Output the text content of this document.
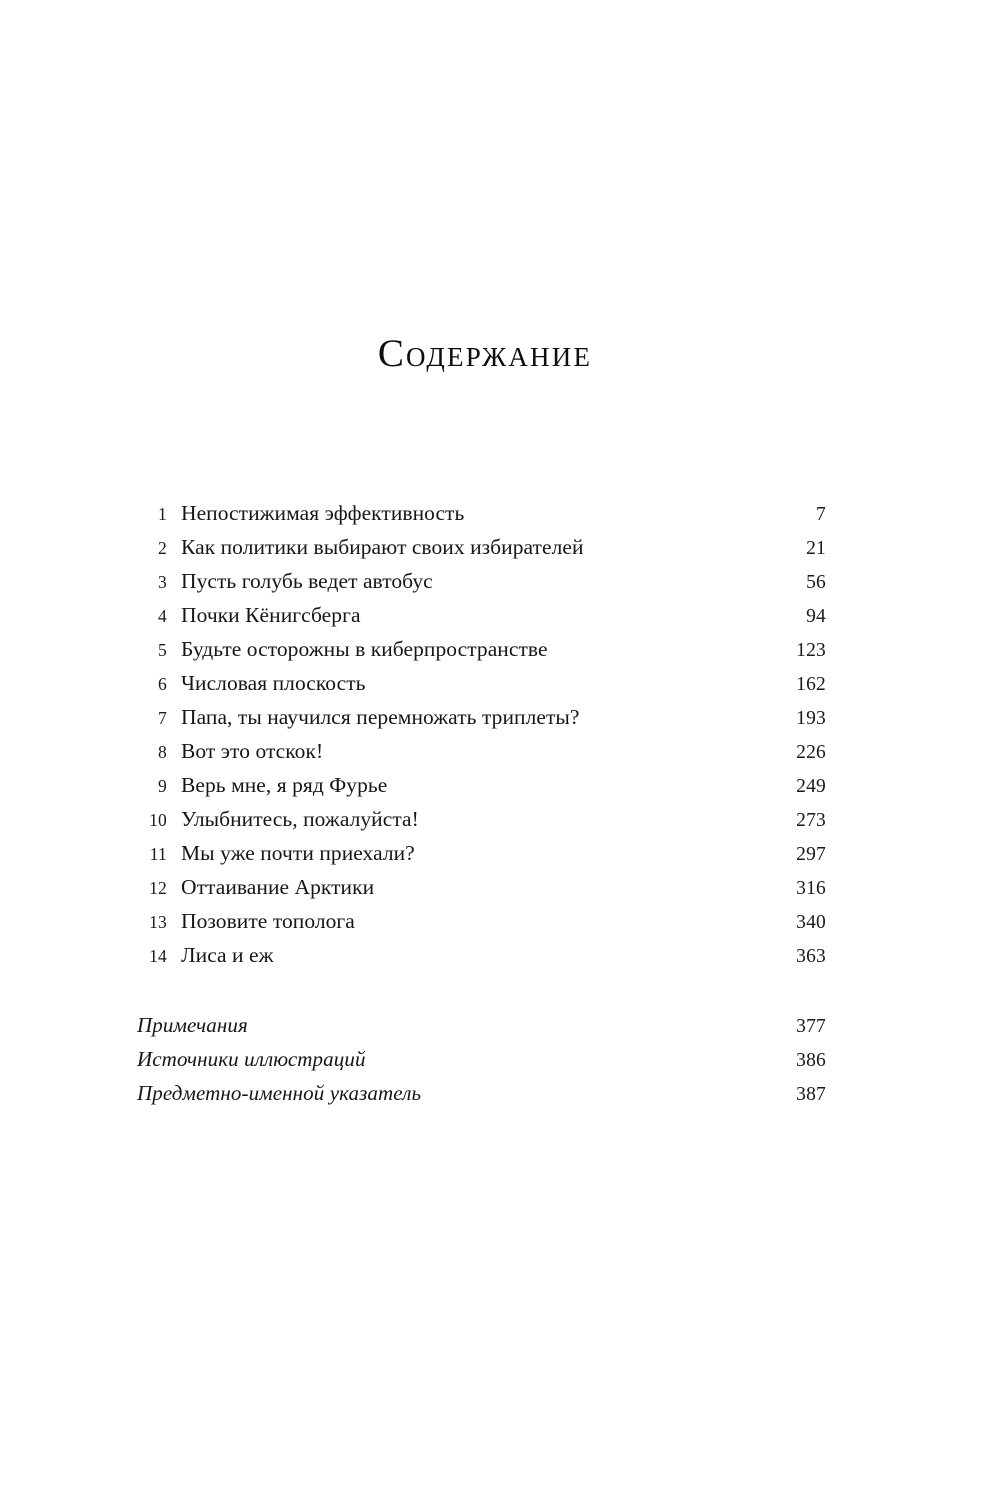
Содержание
1 Непостижимая эффективность	7
2 Как политики выбирают своих избирателей	21
3 Пусть голубь ведет автобус	56
4 Почки Кёнигсберга	94
5 Будьте осторожны в киберпространстве	123
6 Числовая плоскость	162
7 Папа, ты научился перемножать триплеты?	193
8 Вот это отскок!	226
9 Верь мне, я ряд Фурье	249
10 Улыбнитесь, пожалуйста!	273
11 Мы уже почти приехали?	297
12 Оттаивание Арктики	316
13 Позовите тополога	340
14 Лиса и еж	363
Примечания	377
Источники иллюстраций	386
Предметно-именной указатель	387
